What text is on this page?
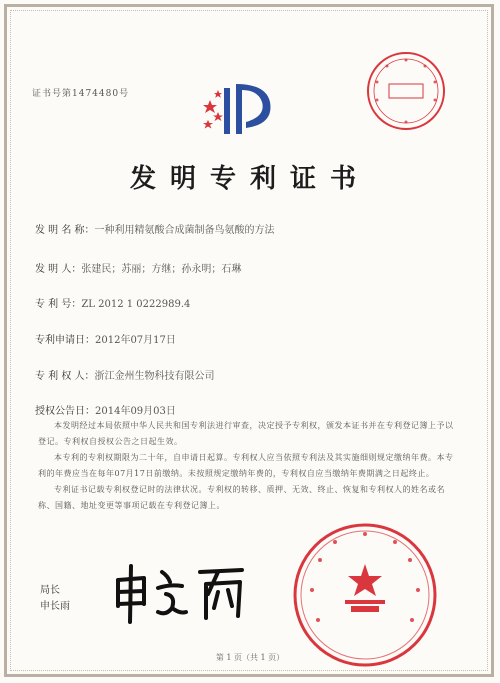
证书号第1474480号
发明专利证书
发 明 名 称：一种利用精氨酸合成菌制备鸟氨酸的方法
发 明 人：张建民；苏丽；方继；孙永明；石琳
专 利 号：ZL 2012 1 0222989.4
专利申请日：2012年07月17日
专 利 权 人：浙江金州生物科技有限公司
授权公告日：2014年09月03日

本发明经过本局依照中华人民共和国专利法进行审查，决定授予专利权，颁发本证书并在专利登记簿上予以登记。专利权自授权公告之日起生效。

本专利的专利权期限为二十年，自申请日起算。专利权人应当依照专利法及其实施细则规定缴纳年费。本专利的年费应当在每年07月17日前缴纳。未按照规定缴纳年费的，专利权自应当缴纳年费期满之日起终止。

专利证书记载专利权登记时的法律状况。专利权的转移、质押、无效、终止、恢复和专利权人的姓名或名称、国籍、地址变更等事项记载在专利登记簿上。

局长
申长雨
第 1 页（共 1 页）
